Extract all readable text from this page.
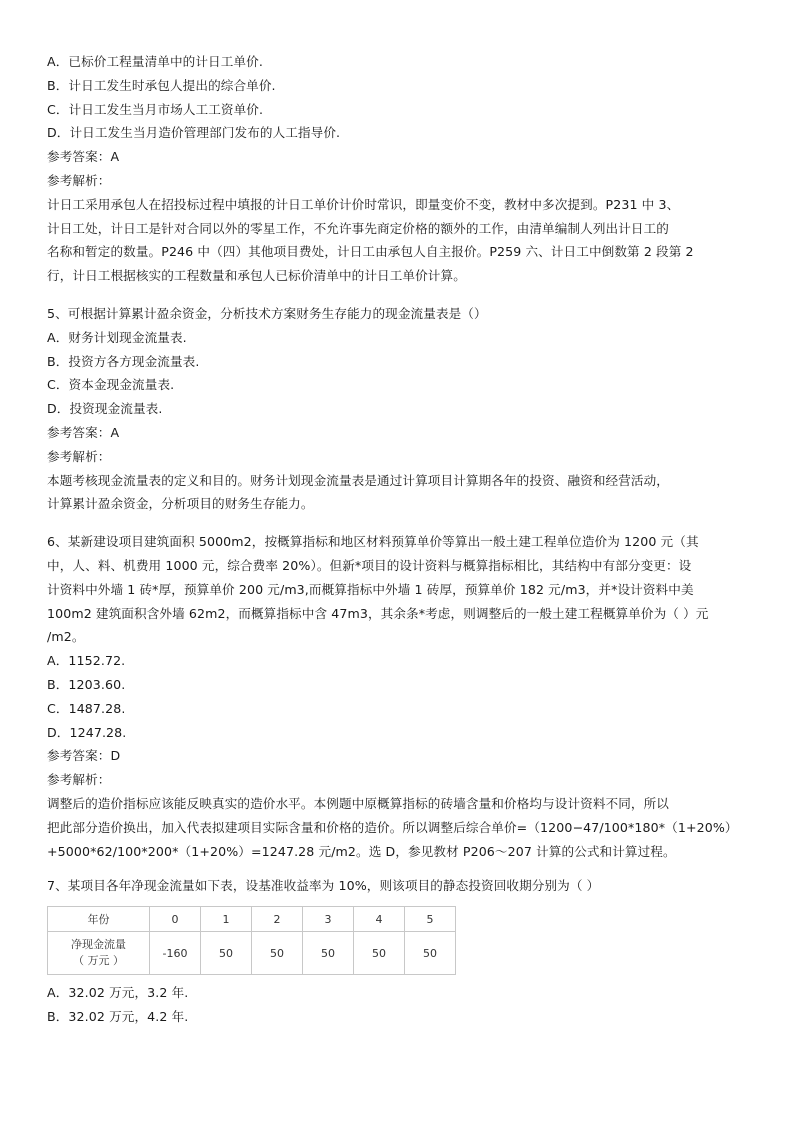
A．已标价工程量清单中的计日工单价.
B．计日工发生时承包人提出的综合单价.
C．计日工发生当月市场人工工资单价.
D．计日工发生当月造价管理部门发布的人工指导价.
参考答案：A
参考解析：
计日工采用承包人在招投标过程中填报的计日工单价计价时常识，即量变价不变，教材中多次提到。P231 中 3、
计日工处，计日工是针对合同以外的零星工作，不允许事先商定价格的额外的工作，由清单编制人列出计日工的
名称和暂定的数量。P246 中（四）其他项目费处，计日工由承包人自主报价。P259 六、计日工中倒数第 2 段第 2
行，计日工根据核实的工程数量和承包人已标价清单中的计日工单价计算。
5、可根据计算累计盈余资金，分析技术方案财务生存能力的现金流量表是（）
A．财务计划现金流量表.
B．投资方各方现金流量表.
C．资本金现金流量表.
D．投资现金流量表.
参考答案：A
参考解析：
本题考核现金流量表的定义和目的。财务计划现金流量表是通过计算项目计算期各年的投资、融资和经营活动，
计算累计盈余资金，分析项目的财务生存能力。
6、某新建设项目建筑面积 5000m2，按概算指标和地区材料预算单价等算出一般土建工程单位造价为 1200 元（其
中，人、料、机费用 1000 元，综合费率 20%）。但新*项目的设计资料与概算指标相比，其结构中有部分变更：设
计资料中外墙 1 砖*厚，预算单价 200 元/m3,而概算指标中外墙 1 砖厚，预算单价 182 元/m3，并*设计资料中美
100m2 建筑面积含外墙 62m2，而概算指标中含 47m3，其余条*考虑，则调整后的一般土建工程概算单价为（ ）元
/m2。
A．1152.72.
B．1203.60.
C．1487.28.
D．1247.28.
参考答案：D
参考解析：
调整后的造价指标应该能反映真实的造价水平。本例题中原概算指标的砖墙含量和价格均与设计资料不同，所以
把此部分造价换出，加入代表拟建项目实际含量和价格的造价。所以调整后综合单价=（1200−47/100*180*（1+20%）
+5000*62/100*200*（1+20%）=1247.28 元/m2。选 D，参见教材 P206～207 计算的公式和计算过程。
7、某项目各年净现金流量如下表，设基准收益率为 10%，则该项目的静态投资回收期分别为（ ）
年份	0	1	2	3	4	5

净现金流量
（ 万元 ）	-160	50	50	50	50	50
A．32.02 万元，3.2 年.
B．32.02 万元，4.2 年.
